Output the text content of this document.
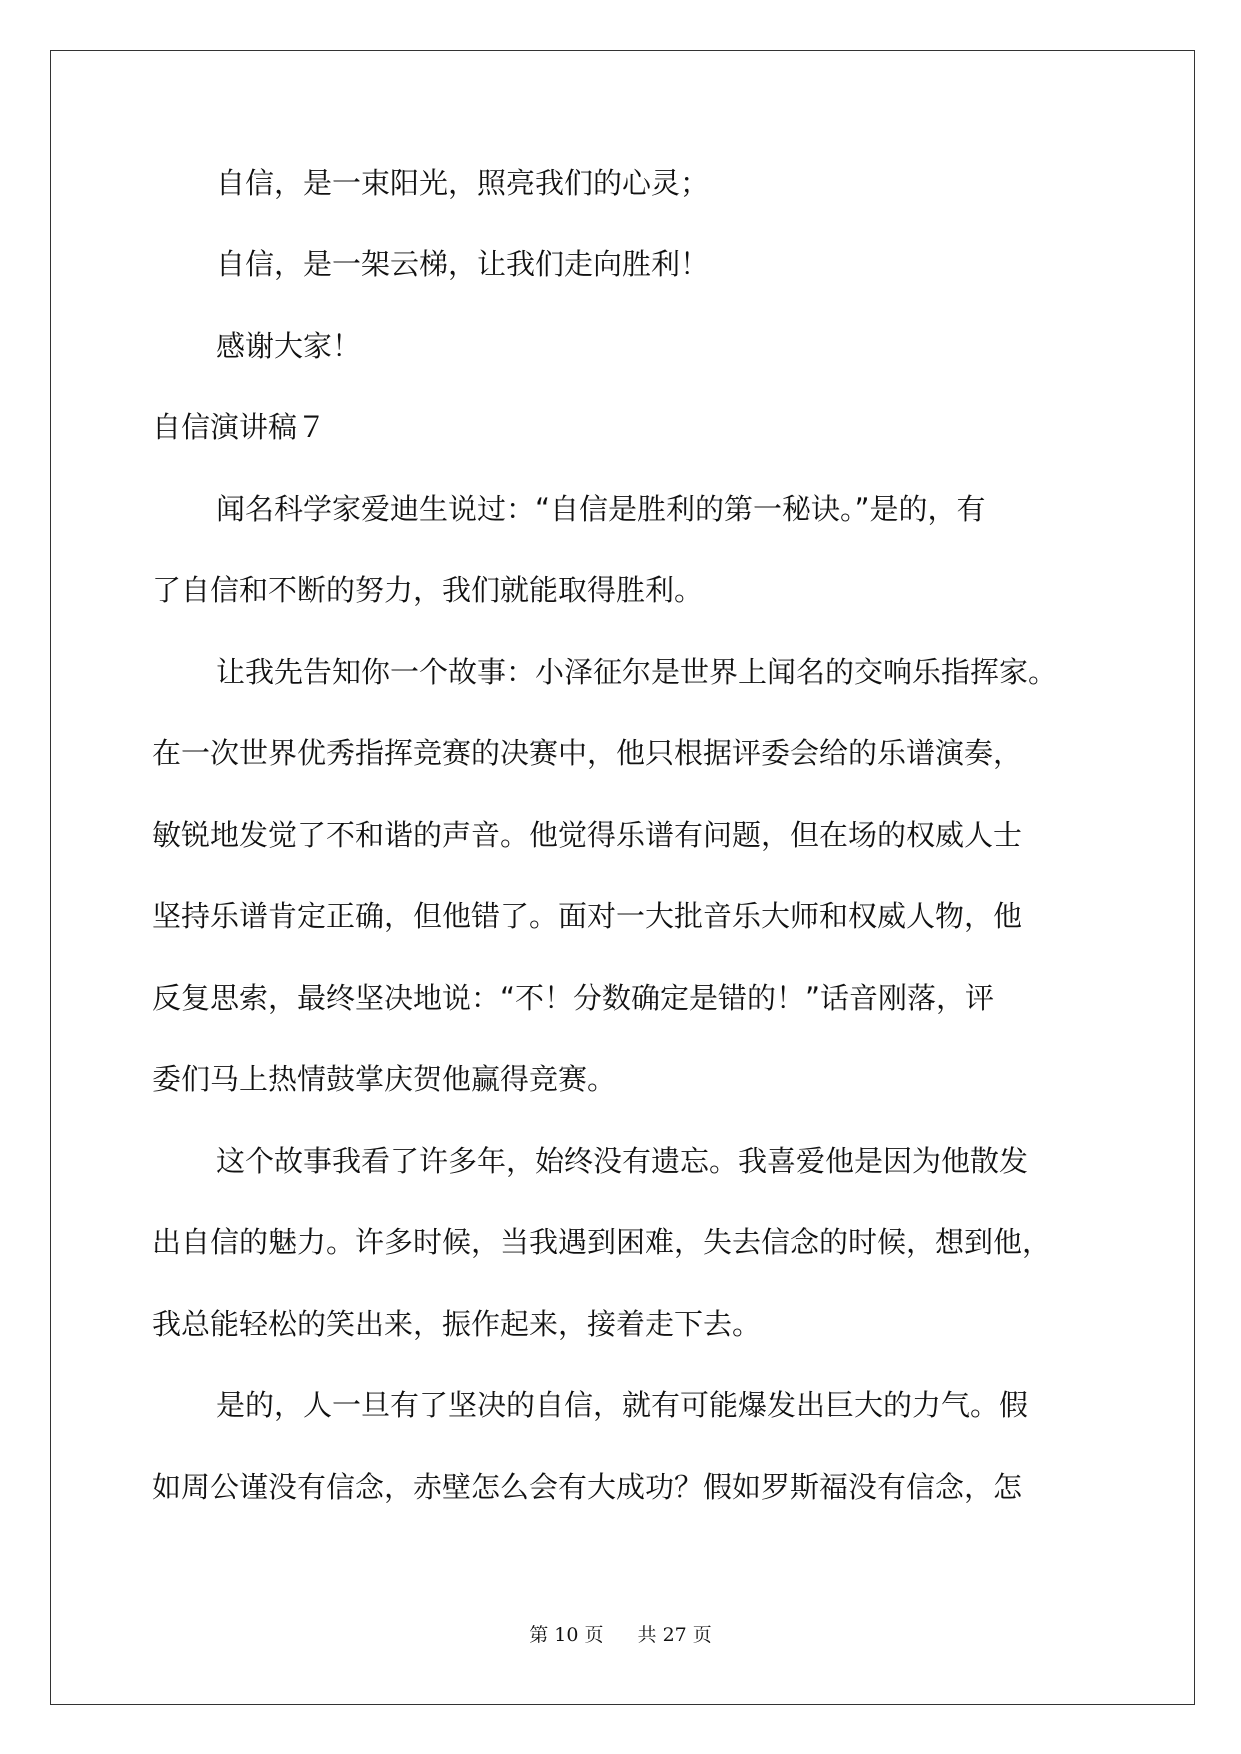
自信，是一束阳光，照亮我们的心灵；
自信，是一架云梯，让我们走向胜利！
感谢大家！
自信演讲稿７
闻名科学家爱迪生说过：“自信是胜利的第一秘诀。”是的，有
了自信和不断的努力，我们就能取得胜利。
让我先告知你一个故事：小泽征尔是世界上闻名的交响乐指挥家。
在一次世界优秀指挥竞赛的决赛中，他只根据评委会给的乐谱演奏，
敏锐地发觉了不和谐的声音。他觉得乐谱有问题，但在场的权威人士
坚持乐谱肯定正确，但他错了。面对一大批音乐大师和权威人物，他
反复思索，最终坚决地说：“不！分数确定是错的！”话音刚落，评
委们马上热情鼓掌庆贺他赢得竞赛。
这个故事我看了许多年，始终没有遗忘。我喜爱他是因为他散发
出自信的魅力。许多时候，当我遇到困难，失去信念的时候，想到他，
我总能轻松的笑出来，振作起来，接着走下去。
是的，人一旦有了坚决的自信，就有可能爆发出巨大的力气。假
如周公谨没有信念，赤壁怎么会有大成功？假如罗斯福没有信念，怎
第 10 页 共 27 页
